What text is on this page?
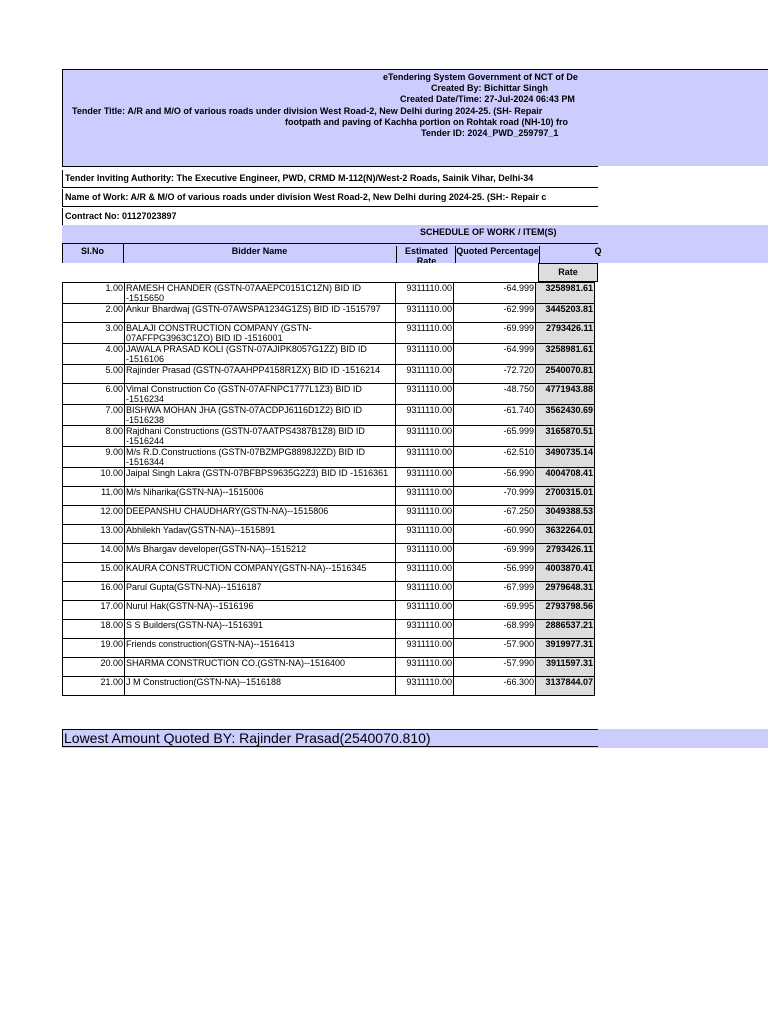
eTendering System Government of NCT of De
Created By: Bichittar Singh
Created Date/Time: 27-Jul-2024 06:43 PM
Tender Title: A/R and M/O of various roads under division West Road-2, New Delhi during 2024-25. (SH- Repair
footpath and paving of Kachha portion on Rohtak road (NH-10) fro
Tender ID: 2024_PWD_259797_1
Tender Inviting Authority: The Executive Engineer, PWD, CRMD M-112(N)/West-2 Roads, Sainik Vihar, Delhi-34
Name of Work: A/R & M/O of various roads under division West Road-2, New Delhi during 2024-25. (SH:- Repair c
Contract No: 01127023897
SCHEDULE OF WORK / ITEM(S)
Sl.No	Bidder Name	Estimated Rate
Quoted Percentage	Q
Rate
1.00	RAMESH CHANDER (GSTN-07AAEPC0151C1ZN) BID ID -1515650	9311110.00	-64.999	3258981.61
2.00	Ankur Bhardwaj (GSTN-07AWSPA1234G1ZS) BID ID -1515797	9311110.00	-62.999	3445203.81
3.00	BALAJI CONSTRUCTION COMPANY (GSTN-07AFFPG3963C1ZO) BID ID -1516001	9311110.00	-69.999	2793426.11
4.00	JAWALA PRASAD KOLI (GSTN-07AJIPK8057G1ZZ) BID ID -1516106	9311110.00	-64.999	3258981.61
5.00	Rajinder Prasad (GSTN-07AAHPP4158R1ZX) BID ID -1516214	9311110.00	-72.720	2540070.81
6.00	Vimal Construction Co (GSTN-07AFNPC1777L1Z3) BID ID -1516234	9311110.00	-48.750	4771943.88
7.00	BISHWA MOHAN JHA (GSTN-07ACDPJ6116D1Z2) BID ID -1516238	9311110.00	-61.740	3562430.69
8.00	Rajdhani Constructions (GSTN-07AATPS4387B1Z8) BID ID -1516244	9311110.00	-65.999	3165870.51
9.00	M/s R.D.Constructions (GSTN-07BZMPG8898J2ZD) BID ID -1516344	9311110.00	-62.510	3490735.14
10.00	Jaipal Singh Lakra (GSTN-07BFBPS9635G2Z3) BID ID -1516361	9311110.00	-56.990	4004708.41
11.00	M/s Niharika(GSTN-NA)--1515006	9311110.00	-70.999	2700315.01
12.00	DEEPANSHU CHAUDHARY(GSTN-NA)--1515806	9311110.00	-67.250	3049388.53
13.00	Abhilekh Yadav(GSTN-NA)--1515891	9311110.00	-60.990	3632264.01
14.00	M/s Bhargav developer(GSTN-NA)--1515212	9311110.00	-69.999	2793426.11
15.00	KAURA CONSTRUCTION COMPANY(GSTN-NA)--1516345	9311110.00	-56.999	4003870.41
16.00	Parul Gupta(GSTN-NA)--1516187	9311110.00	-67.999	2979648.31
17.00	Nurul Hak(GSTN-NA)--1516196	9311110.00	-69.995	2793798.56
18.00	S S Builders(GSTN-NA)--1516391	9311110.00	-68.999	2886537.21
19.00	Friends construction(GSTN-NA)--1516413	9311110.00	-57.900	3919977.31
20.00	SHARMA CONSTRUCTION CO.(GSTN-NA)--1516400	9311110.00	-57.990	3911597.31
21.00	J M Construction(GSTN-NA)--1516188	9311110.00	-66.300	3137844.07
Lowest Amount Quoted BY: Rajinder Prasad(2540070.810)
